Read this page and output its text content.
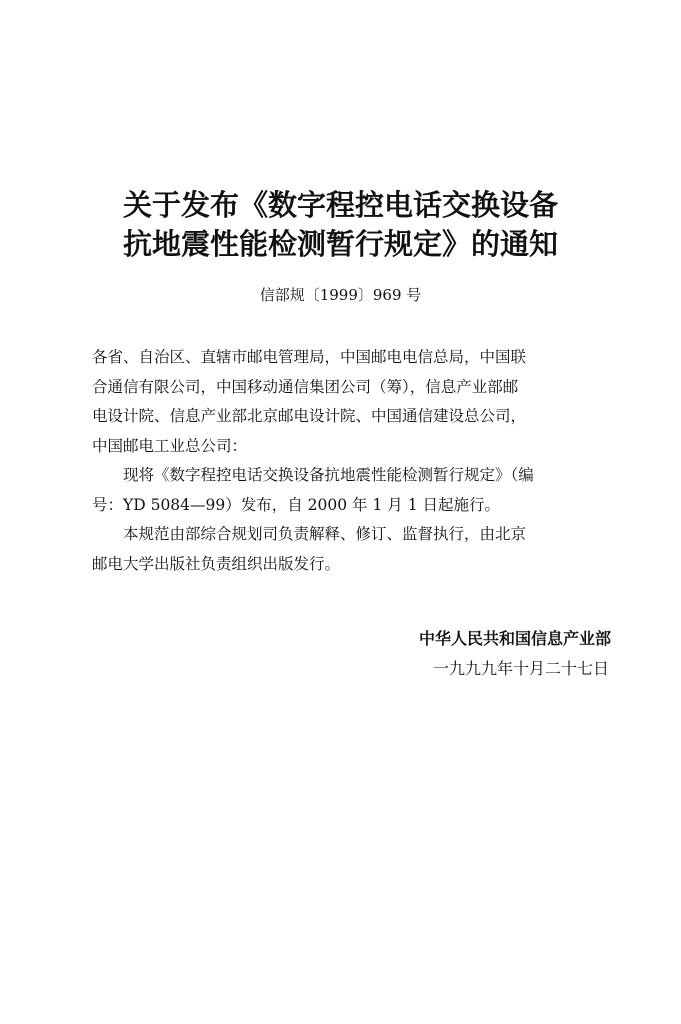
关于发布《数字程控电话交换设备
抗地震性能检测暂行规定》的通知
信部规〔1999〕969 号
各省、自治区、直辖市邮电管理局，中国邮电电信总局，中国联
合通信有限公司，中国移动通信集团公司（筹），信息产业部邮
电设计院、信息产业部北京邮电设计院、中国通信建设总公司，
中国邮电工业总公司：
现将《数字程控电话交换设备抗地震性能检测暂行规定》（编
号：YD 5084—99）发布，自 2000 年 1 月 1 日起施行。
本规范由部综合规划司负责解释、修订、监督执行，由北京
邮电大学出版社负责组织出版发行。
中华人民共和国信息产业部
一九九九年十月二十七日
